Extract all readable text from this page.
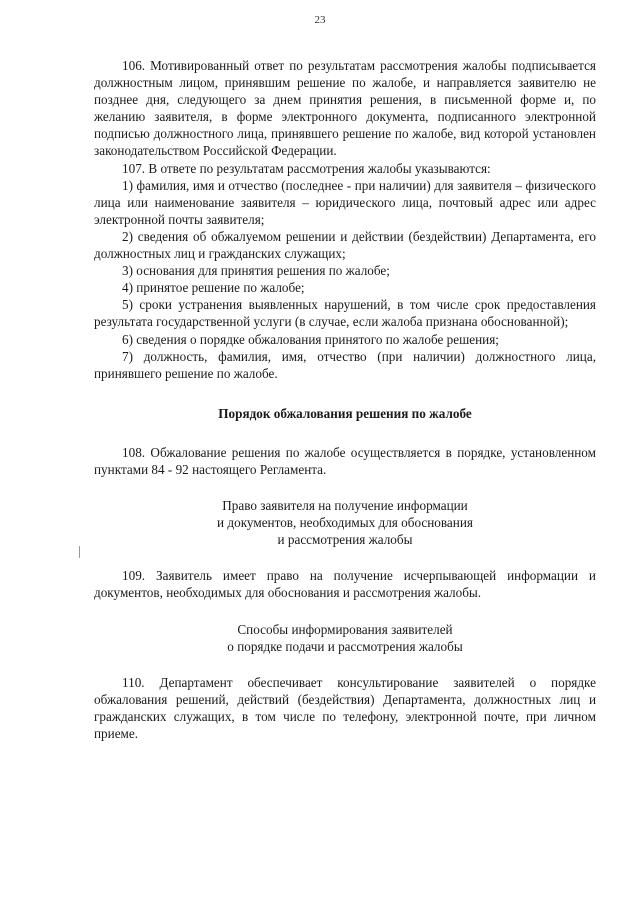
23

106. Мотивированный ответ по результатам рассмотрения жалобы подписывается должностным лицом, принявшим решение по жалобе, и направляется заявителю не позднее дня, следующего за днем принятия решения, в письменной форме и, по желанию заявителя, в форме электронного документа, подписанного электронной подписью должностного лица, принявшего решение по жалобе, вид которой установлен законодательством Российской Федерации.

107. В ответе по результатам рассмотрения жалобы указываются:

1) фамилия, имя и отчество (последнее - при наличии) для заявителя – физического лица или наименование заявителя – юридического лица, почтовый адрес или адрес электронной почты заявителя;

2) сведения об обжалуемом решении и действии (бездействии) Департамента, его должностных лиц и гражданских служащих;

3) основания для принятия решения по жалобе;

4) принятое решение по жалобе;

5) сроки устранения выявленных нарушений, в том числе срок предоставления результата государственной услуги (в случае, если жалоба признана обоснованной);

6) сведения о порядке обжалования принятого по жалобе решения;

7) должность, фамилия, имя, отчество (при наличии) должностного лица, принявшего решение по жалобе.

Порядок обжалования решения по жалобе

108. Обжалование решения по жалобе осуществляется в порядке, установленном пунктами 84 - 92 настоящего Регламента.

Право заявителя на получение информации
и документов, необходимых для обоснования
и рассмотрения жалобы

109. Заявитель имеет право на получение исчерпывающей информации и документов, необходимых для обоснования и рассмотрения жалобы.

Способы информирования заявителей
о порядке подачи и рассмотрения жалобы

110. Департамент обеспечивает консультирование заявителей о порядке обжалования решений, действий (бездействия) Департамента, должностных лиц и гражданских служащих, в том числе по телефону, электронной почте, при личном приеме.
